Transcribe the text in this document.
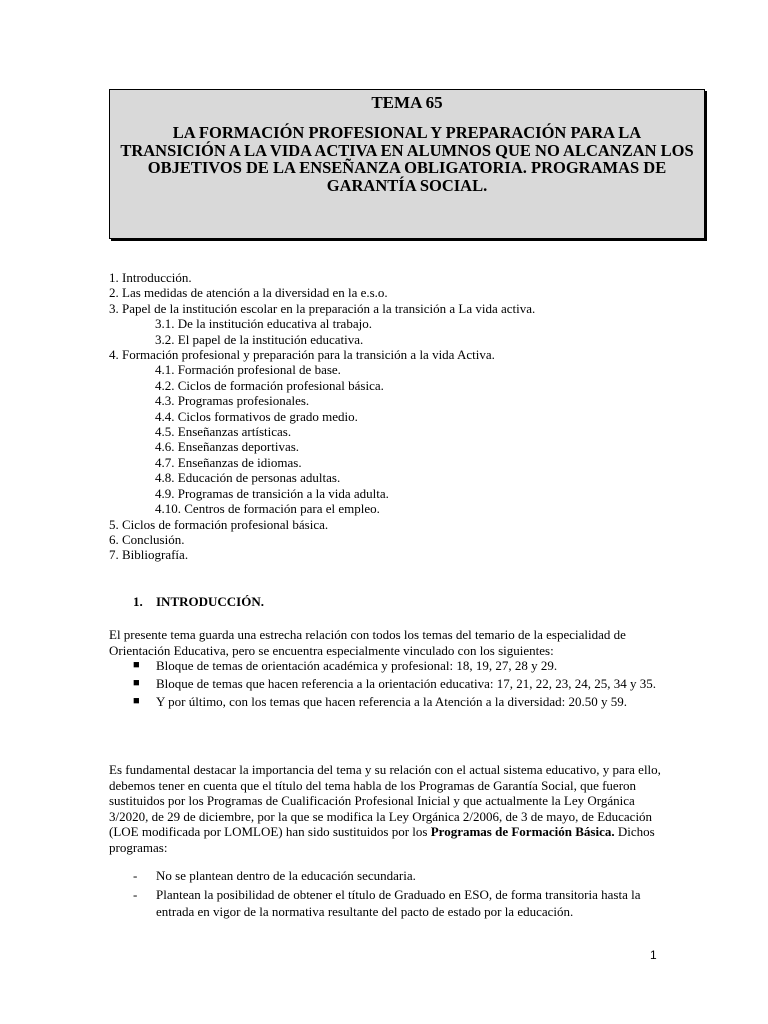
TEMA 65
LA FORMACIÓN PROFESIONAL Y PREPARACIÓN PARA LA TRANSICIÓN A LA VIDA ACTIVA EN ALUMNOS QUE NO ALCANZAN LOS OBJETIVOS DE LA ENSEÑANZA OBLIGATORIA. PROGRAMAS DE GARANTÍA SOCIAL.
1. Introducción.
2. Las medidas de atención a la diversidad en la e.s.o.
3. Papel de la institución escolar en la preparación a la transición a La vida activa.
3.1. De la institución educativa al trabajo.
3.2. El papel de la institución educativa.
4. Formación profesional y preparación para la transición a la vida Activa.
4.1. Formación profesional de base.
4.2. Ciclos de formación profesional básica.
4.3. Programas profesionales.
4.4. Ciclos formativos de grado medio.
4.5. Enseñanzas artísticas.
4.6. Enseñanzas deportivas.
4.7. Enseñanzas de idiomas.
4.8. Educación de personas adultas.
4.9. Programas de transición a la vida adulta.
4.10. Centros de formación para el empleo.
5. Ciclos de formación profesional básica.
6. Conclusión.
7. Bibliografía.
1. INTRODUCCIÓN.
El presente tema guarda una estrecha relación con todos los temas del temario de la especialidad de Orientación Educativa, pero se encuentra especialmente vinculado con los siguientes:
■ Bloque de temas de orientación académica y profesional: 18, 19, 27, 28 y 29.
■ Bloque de temas que hacen referencia a la orientación educativa: 17, 21, 22, 23, 24, 25, 34 y 35.
■ Y por último, con los temas que hacen referencia a la Atención a la diversidad: 20.50 y 59.
Es fundamental destacar la importancia del tema y su relación con el actual sistema educativo, y para ello, debemos tener en cuenta que el título del tema habla de los Programas de Garantía Social, que fueron sustituidos por los Programas de Cualificación Profesional Inicial y que actualmente la Ley Orgánica 3/2020, de 29 de diciembre, por la que se modifica la Ley Orgánica 2/2006, de 3 de mayo, de Educación (LOE modificada por LOMLOE) han sido sustituidos por los Programas de Formación Básica. Dichos programas:
- No se plantean dentro de la educación secundaria.
- Plantean la posibilidad de obtener el título de Graduado en ESO, de forma transitoria hasta la entrada en vigor de la normativa resultante del pacto de estado por la educación.
1
